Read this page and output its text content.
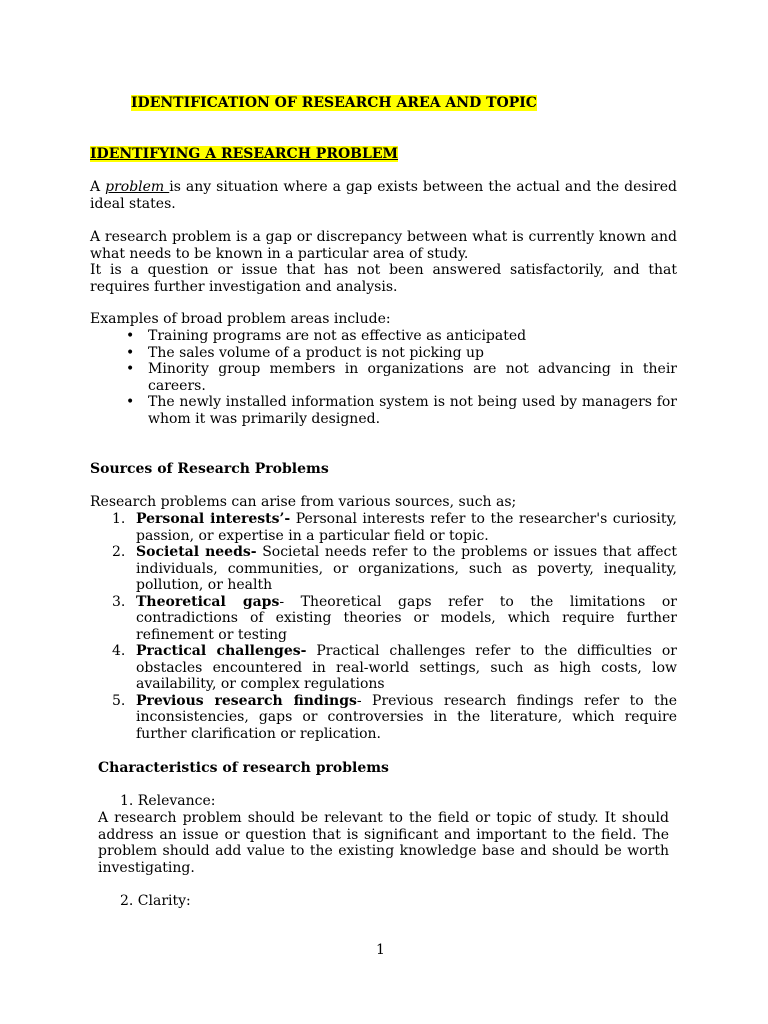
IDENTIFICATION OF RESEARCH AREA AND TOPIC
IDENTIFYING A RESEARCH PROBLEM
A problem is any situation where a gap exists between the actual and the desired ideal states.
A research problem is a gap or discrepancy between what is currently known and what needs to be known in a particular area of study.
It is a question or issue that has not been answered satisfactorily, and that requires further investigation and analysis.
Examples of broad problem areas include:
• Training programs are not as effective as anticipated
• The sales volume of a product is not picking up
• Minority group members in organizations are not advancing in their careers.
• The newly installed information system is not being used by managers for whom it was primarily designed.
Sources of Research Problems
Research problems can arise from various sources, such as;
1. Personal interests’- Personal interests refer to the researcher's curiosity, passion, or expertise in a particular field or topic.
2. Societal needs- Societal needs refer to the problems or issues that affect individuals, communities, or organizations, such as poverty, inequality, pollution, or health
3. Theoretical gaps- Theoretical gaps refer to the limitations or contradictions of existing theories or models, which require further refinement or testing
4. Practical challenges- Practical challenges refer to the difficulties or obstacles encountered in real-world settings, such as high costs, low availability, or complex regulations
5. Previous research findings- Previous research findings refer to the inconsistencies, gaps or controversies in the literature, which require further clarification or replication.
Characteristics of research problems
1. Relevance:
A research problem should be relevant to the field or topic of study. It should address an issue or question that is significant and important to the field. The problem should add value to the existing knowledge base and should be worth investigating.
2. Clarity:
1
